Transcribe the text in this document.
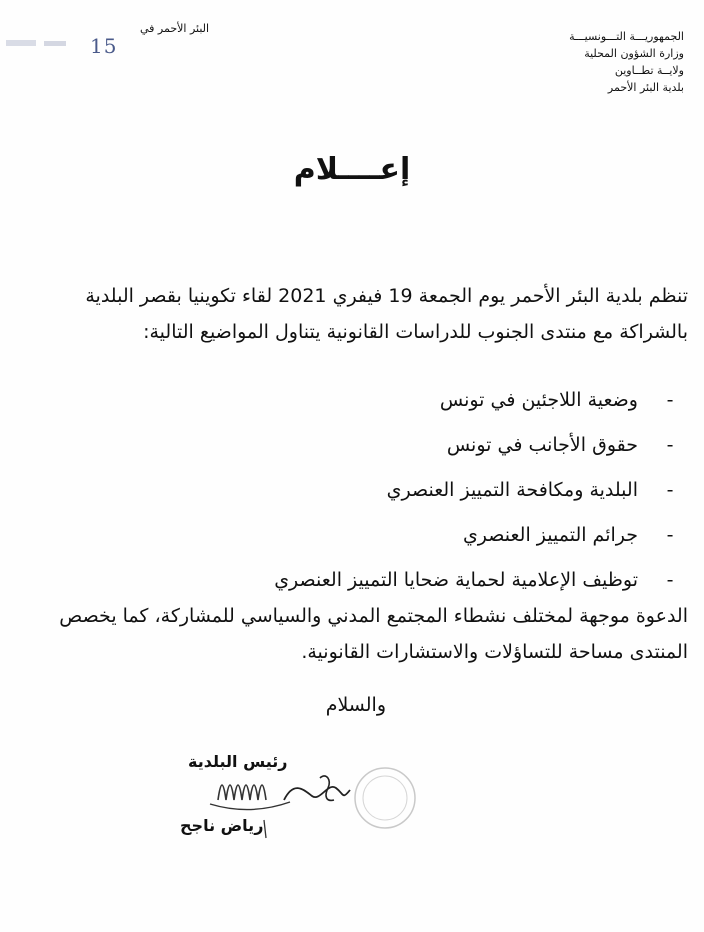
الجمهوريـــة التـــونسيـــة
وزارة الشؤون المحلية
ولايــة تطــاوين
بلدية البئر الأحمر
البئر الأحمر في
15
إعــــلام
تنظم بلدية البئر الأحمر يوم الجمعة 19 فيفري 2021 لقاء تكوينيا بقصر البلدية
بالشراكة مع منتدى الجنوب للدراسات القانونية يتناول المواضيع التالية:
-وضعية اللاجئين في تونس
-حقوق الأجانب في تونس
-البلدية ومكافحة التمييز العنصري
-جرائم التمييز العنصري
-توظيف الإعلامية لحماية ضحايا التمييز العنصري
الدعوة موجهة لمختلف نشطاء المجتمع المدني والسياسي للمشاركة، كما يخصص
المنتدى مساحة للتساؤلات والاستشارات القانونية.
والسلام
رئيس البلدية
رياض ناجح
